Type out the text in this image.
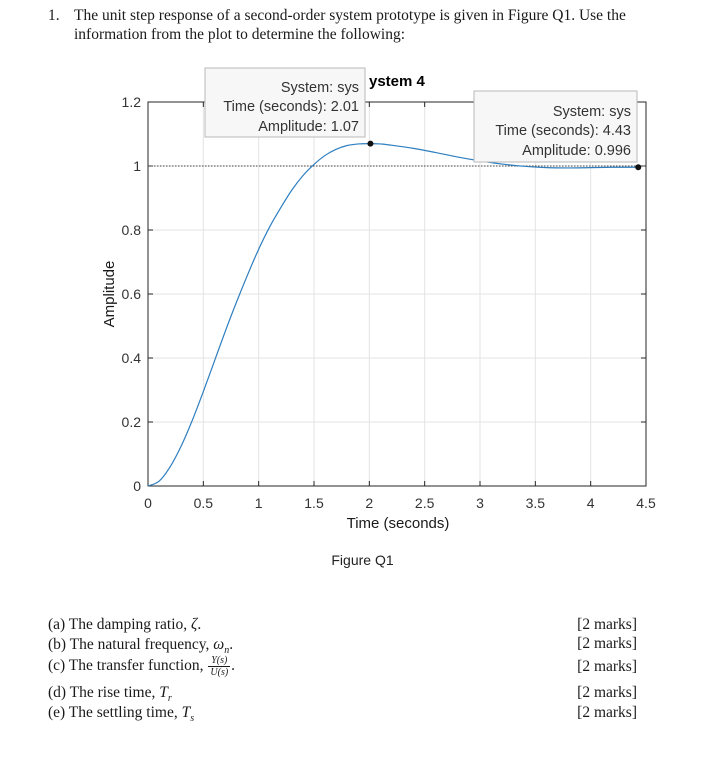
1. The unit step response of a second-order system prototype is given in Figure Q1. Use the information from the plot to determine the following:
0	0.5	1	1.5	2	2.5	3	3.5	4	4.5
0
0.2
0.4
0.6
0.8
1
1.2
ystem 4
Time (seconds)
Amplitude
System: sys
Time (seconds): 2.01
Amplitude: 1.07
System: sys
Time (seconds): 4.43
Amplitude: 0.996
Figure Q1
(a) The damping ratio, ζ.	[2 marks]
(b) The natural frequency, $\omega_n$.	[2 marks]
(c) The transfer function, $\frac{Y(s)}{U(s)}$ .	[2 marks]
(d) The rise time, $T_r$	[2 marks]
(e) The settling time, $T_s$	[2 marks]
